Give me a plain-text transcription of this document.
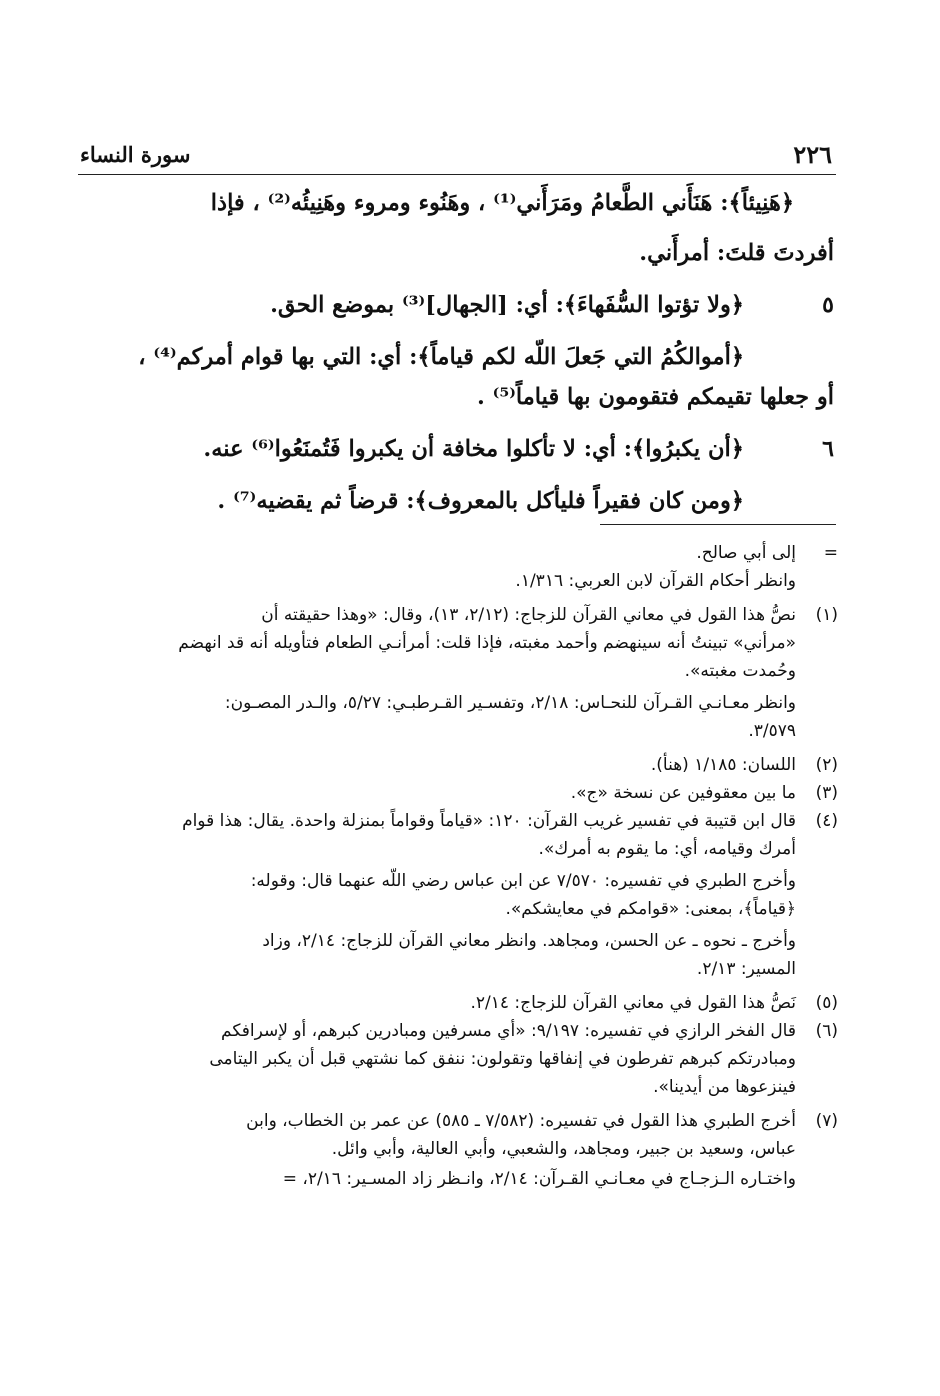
٢٢٦
سورة النساء
﴿هَنِيئاً﴾: هَنَأَني الطَّعامُ ومَرَأَني⁽¹⁾ ، وهَنُوء ومروء وهَنِيئُه⁽²⁾ ، فإذا
أفردتَ قلتَ: أمرأَني.
٥
﴿ولا تؤتوا السُّفَهاءَ﴾: أي: [الجهال]⁽³⁾ بموضع الحق.
﴿أموالكُمُ التي جَعلَ اللّه لكم قياماً﴾: أي: التي بها قوام أمركم⁽⁴⁾ ،
أو جعلها تقيمكم فتقومون بها قياماً⁽⁵⁾ .
٦
﴿أن يكبرُوا﴾: أي: لا تأكلوا مخافة أن يكبروا فَتُمنَعُوا⁽⁶⁾ عنه.
﴿ومن كان فقيراً فليأكل بالمعروف﴾: قرضاً ثم يقضيه⁽⁷⁾ .
=
إلى أبي صالح.
وانظر أحكام القرآن لابن العربي: ١/٣١٦.
(١)
نصُّ هذا القول في معاني القرآن للزجاج: (٢/١٢، ١٣)، وقال: «وهذا حقيقته أن
«مرأني» تبينتُ أنه سينهضم وأحمد مغبته، فإذا قلت: أمرأنـي الطعام فتأويله أنه قد انهضم
وحُمدت مغبته».
وانظر معـانـي القـرآن للنحـاس: ٢/١٨، وتفسـير القـرطبـي: ٥/٢٧، والـدر المصـون:
٣/٥٧٩.
(٢)
اللسان: ١/١٨٥ (هنأ).
(٣)
ما بين معقوفين عن نسخة «ج».
(٤)
قال ابن قتيبة في تفسير غريب القرآن: ١٢٠: «قياماً وقواماً بمنزلة واحدة. يقال: هذا قوام
أمرك وقيامه، أي: ما يقوم به أمرك».
وأخرج الطبري في تفسيره: ٧/٥٧٠ عن ابن عباس رضي اللّه عنهما قال: وقوله:
﴿قياماً﴾، بمعنى: «قوامكم في معايشكم».
وأخرج ـ نحوه ـ عن الحسن، ومجاهد. وانظر معاني القرآن للزجاج: ٢/١٤، وزاد
المسير: ٢/١٣.
(٥)
نَصُّ هذا القول في معاني القرآن للزجاج: ٢/١٤.
(٦)
قال الفخر الرازي في تفسيره: ٩/١٩٧: «أي مسرفين ومبادرين كبرهم، أو لإسرافكم
ومبادرتكم كبرهم تفرطون في إنفاقها وتقولون: ننفق كما نشتهي قبل أن يكبر اليتامى
فينزعوها من أيدينا».
(٧)
أخرج الطبري هذا القول في تفسيره: (٧/٥٨٢ ـ ٥٨٥) عن عمر بن الخطاب، وابن
عباس، وسعيد بن جبير، ومجاهد، والشعبي، وأبي العالية، وأبي وائل.
واختـاره الـزجـاج في معـانـي القـرآن: ٢/١٤، وانـظر زاد المسـير: ٢/١٦، =
